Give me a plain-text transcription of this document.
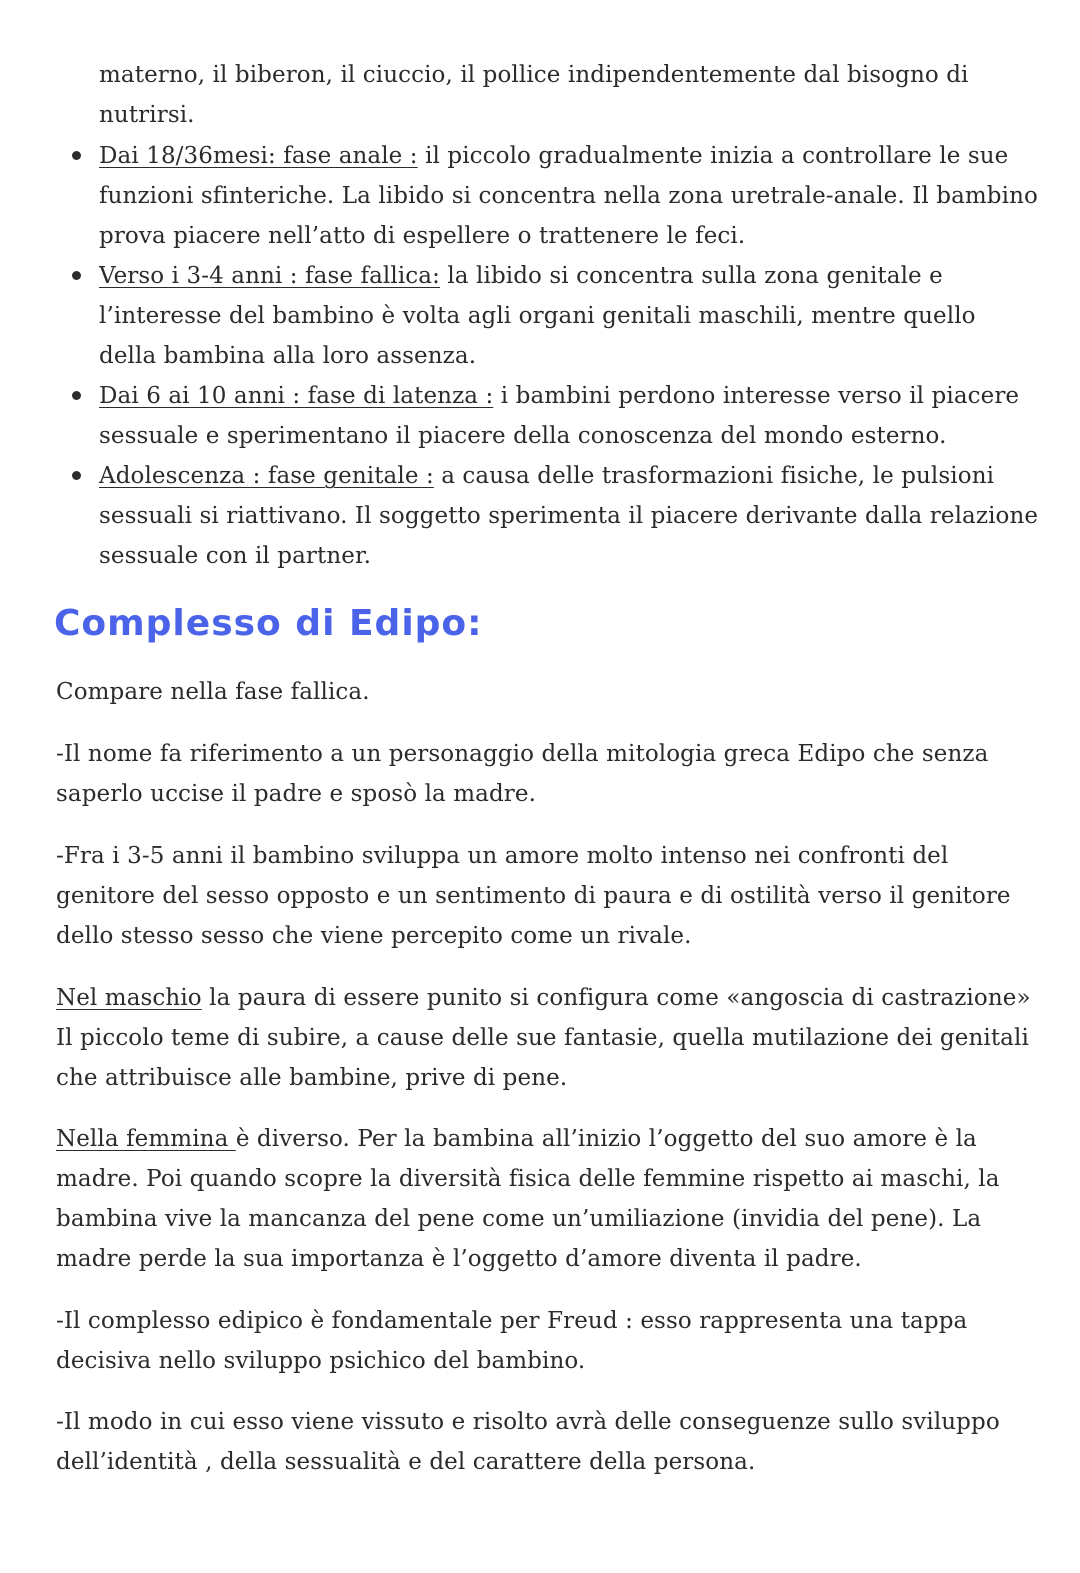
materno, il biberon, il ciuccio, il pollice indipendentemente dal bisogno di nutrirsi.

Dai 18/36mesi: fase anale : il piccolo gradualmente inizia a controllare le sue funzioni sfinteriche. La libido si concentra nella zona uretrale-anale. Il bambino prova piacere nell’atto di espellere o trattenere le feci.
Verso i 3-4 anni : fase fallica: la libido si concentra sulla zona genitale e l’interesse del bambino è volta agli organi genitali maschili, mentre quello della bambina alla loro assenza.
Dai 6 ai 10 anni : fase di latenza : i bambini perdono interesse verso il piacere sessuale e sperimentano il piacere della conoscenza del mondo esterno.
Adolescenza : fase genitale : a causa delle trasformazioni fisiche, le pulsioni sessuali si riattivano. Il soggetto sperimenta il piacere derivante dalla relazione sessuale con il partner.
Complesso di Edipo:

Compare nella fase fallica.

-Il nome fa riferimento a un personaggio della mitologia greca Edipo che senza saperlo uccise il padre e sposò la madre.

-Fra i 3-5 anni il bambino sviluppa un amore molto intenso nei confronti del genitore del sesso opposto e un sentimento di paura e di ostilità verso il genitore dello stesso sesso che viene percepito come un rivale.

Nel maschio la paura di essere punito si configura come «angoscia di castrazione» Il piccolo teme di subire, a cause delle sue fantasie, quella mutilazione dei genitali che attribuisce alle bambine, prive di pene.

Nella femmina è diverso. Per la bambina all’inizio l’oggetto del suo amore è la madre. Poi quando scopre la diversità fisica delle femmine rispetto ai maschi, la bambina vive la mancanza del pene come un’umiliazione (invidia del pene). La madre perde la sua importanza è l’oggetto d’amore diventa il padre.

-Il complesso edipico è fondamentale per Freud : esso rappresenta una tappa decisiva nello sviluppo psichico del bambino.

-Il modo in cui esso viene vissuto e risolto avrà delle conseguenze sullo sviluppo dell’identità , della sessualità e del carattere della persona.
